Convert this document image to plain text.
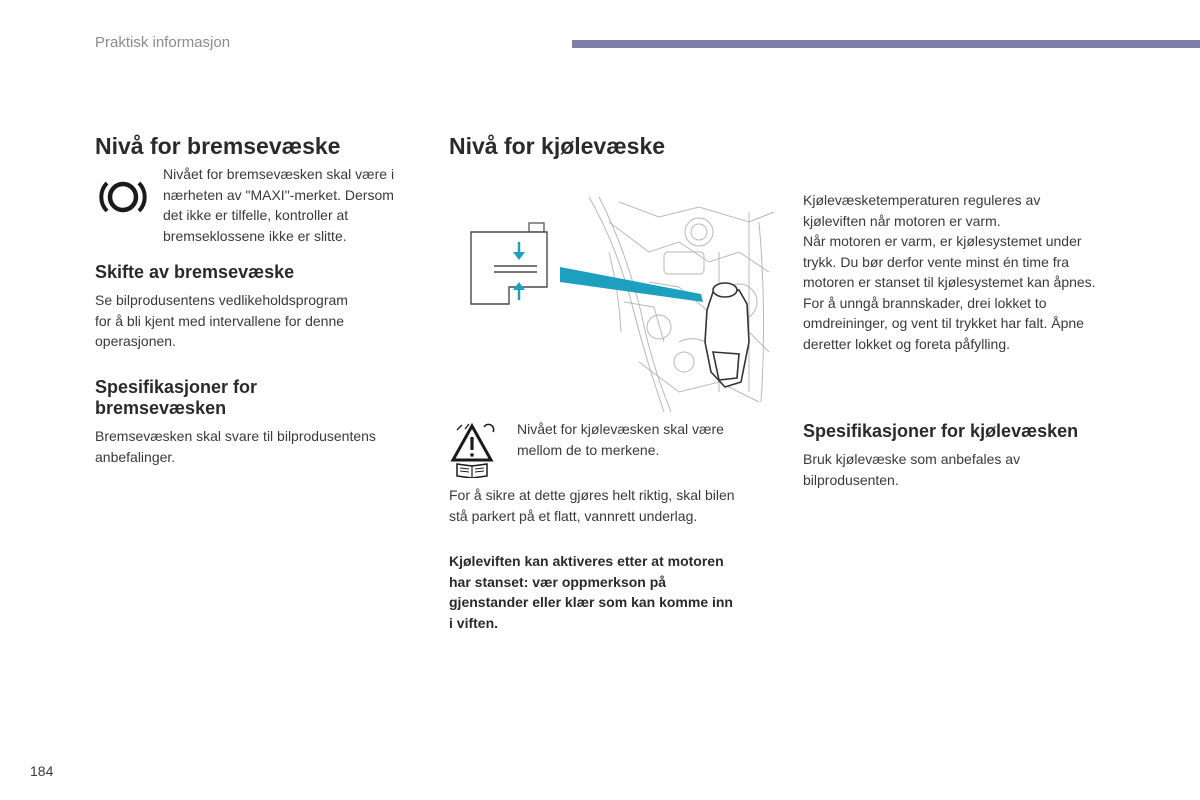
Praktisk informasjon
Nivå for bremsevæske

Nivået for bremsevæsken skal være i

nærheten av "MAXI"-merket. Dersom

det ikke er tilfelle, kontroller at

bremseklossene ikke er slitte.

Skifte av bremsevæske

Se bilprodusentens vedlikeholdsprogram

for å bli kjent med intervallene for denne

operasjonen.

Spesifikasjoner for
bremsevæsken

Bremsevæsken skal svare til bilprodusentens

anbefalinger.

Nivå for kjølevæske

Nivået for kjølevæsken skal være

mellom de to merkene.

For å sikre at dette gjøres helt riktig, skal bilen

stå parkert på et flatt, vannrett underlag.

Kjøleviften kan aktiveres etter at motoren

har stanset: vær oppmerkson på

gjenstander eller klær som kan komme inn

i viften.

Kjølevæsketemperaturen reguleres av

kjøleviften når motoren er varm.

Når motoren er varm, er kjølesystemet under

trykk. Du bør derfor vente minst én time fra

motoren er stanset til kjølesystemet kan åpnes.

For å unngå brannskader, drei lokket to

omdreininger, og vent til trykket har falt. Åpne

deretter lokket og foreta påfylling.

Spesifikasjoner for kjølevæsken

Bruk kjølevæske som anbefales av

bilprodusenten.

184
